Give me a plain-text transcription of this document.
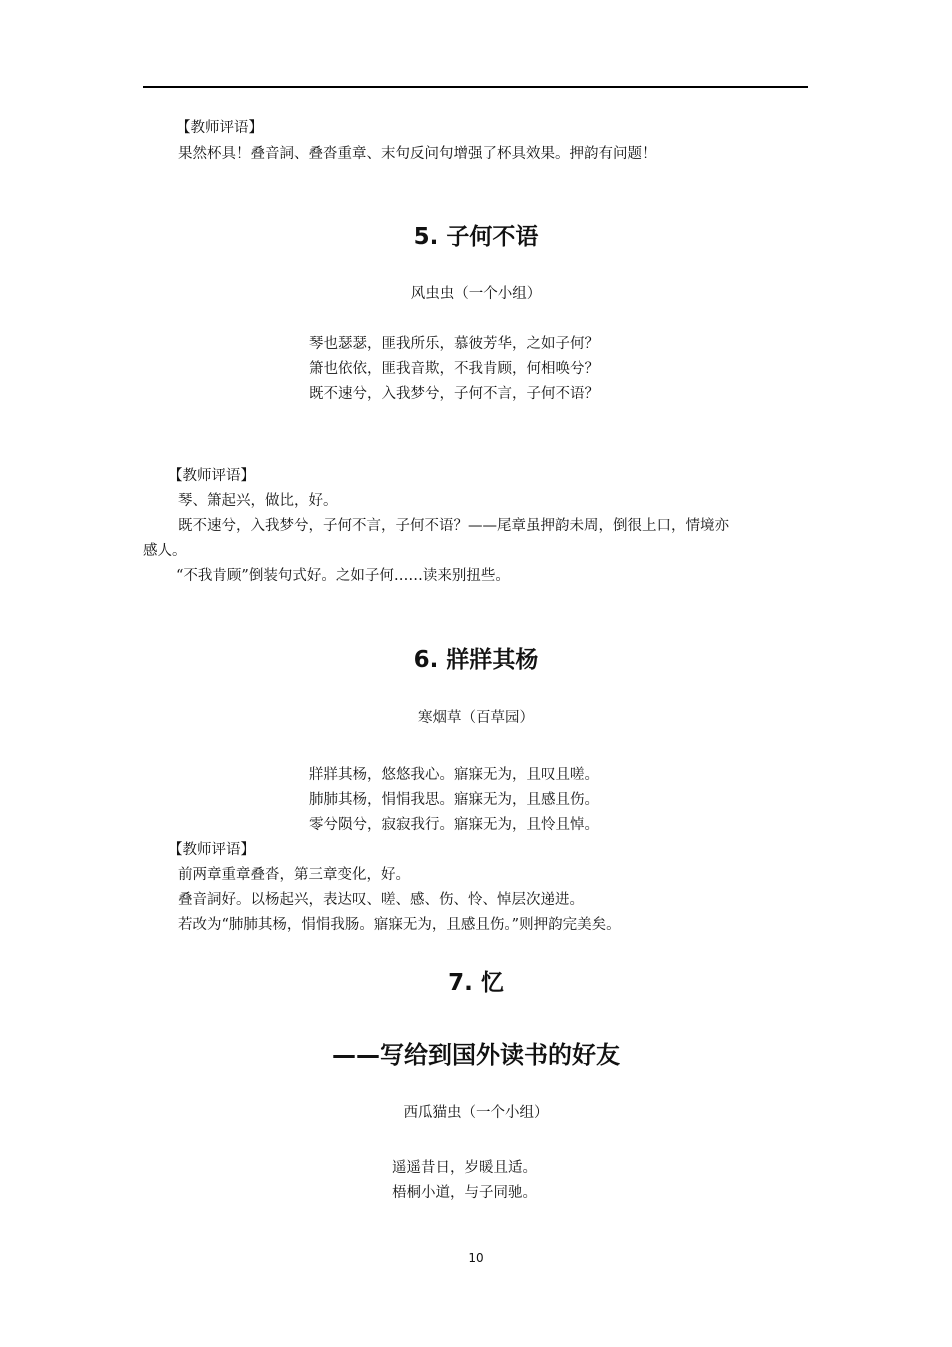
【教师评语】
果然杯具！叠音詞、叠沓重章、末句反问句增强了杯具效果。押韵有问题！
5. 子何不语
风虫虫（一个小组）
琴也瑟瑟，匪我所乐，慕彼芳华，之如子何？
箫也依依，匪我音欺，不我肯顾，何相唤兮？
既不速兮，入我梦兮，子何不言，子何不语？
【教师评语】
琴、箫起兴，做比，好。
既不速兮，入我梦兮，子何不言，子何不语？——尾章虽押韵未周，倒很上口，情境亦
感人。
“不我肯顾”倒装句式好。之如子何……读来别扭些。
6. 牂牂其杨
寒烟草（百草园）
牂牂其杨，悠悠我心。寤寐无为，且叹且嗟。
肺肺其杨，悁悁我思。寤寐无为，且感且伤。
零兮陨兮，寂寂我行。寤寐无为，且怜且悼。
【教师评语】
前两章重章叠沓，第三章变化，好。
叠音詞好。以杨起兴，表达叹、嗟、感、伤、怜、悼层次递进。
若改为“肺肺其杨，悁悁我肠。寤寐无为，且感且伤。”则押韵完美矣。
7. 忆
——写给到国外读书的好友
西瓜猫虫（一个小组）
遥遥昔日，岁暖且适。
梧桐小道，与子同驰。
10
